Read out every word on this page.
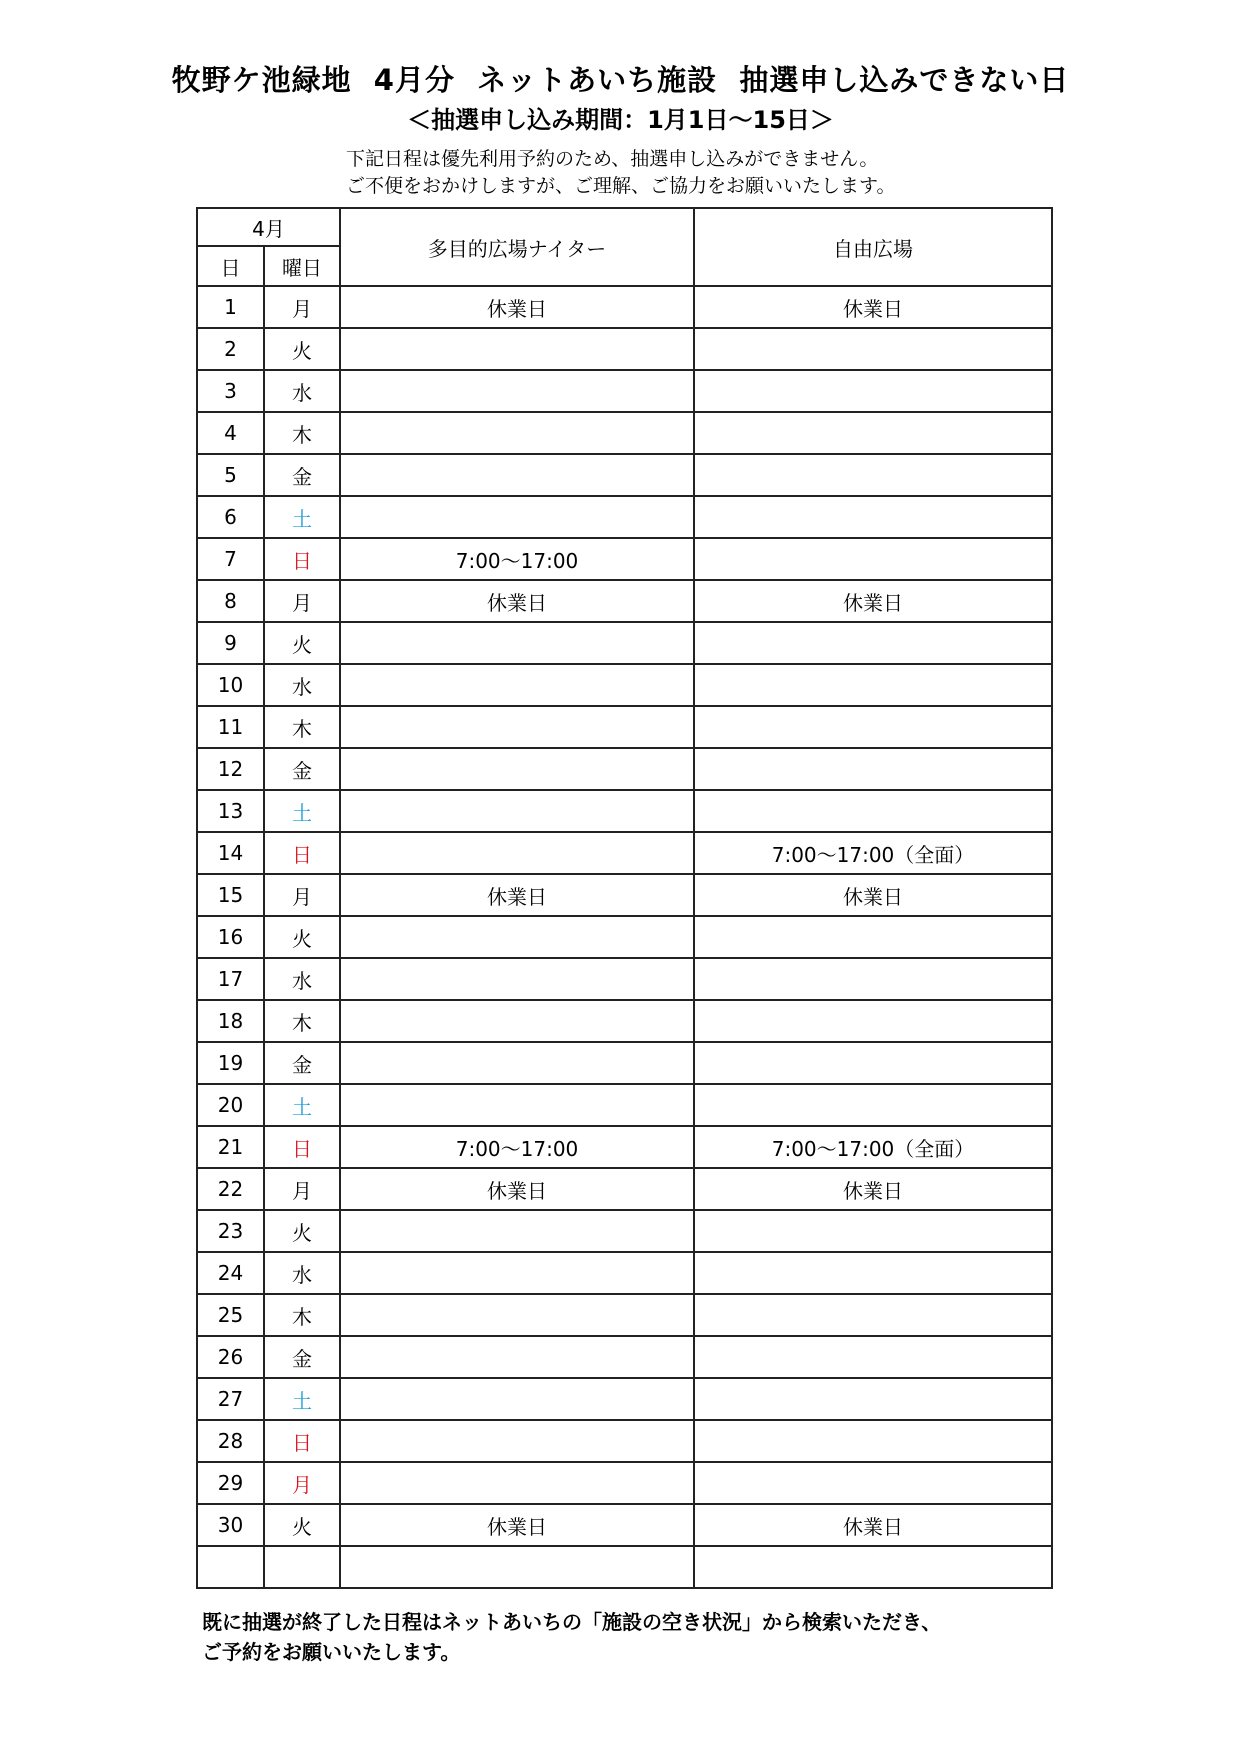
牧野ケ池緑地  4月分  ネットあいち施設  抽選申し込みできない日
＜抽選申し込み期間：1月1日～15日＞
下記日程は優先利用予約のため、抽選申し込みができません。
ご不便をおかけしますが、ご理解、ご協力をお願いいたします。
4月		多目的広場ナイター	自由広場
日	曜日		
1	月	休業日	休業日
2	火		
3	水		
4	木		
5	金		
6	土		
7	日	7:00～17:00	
8	月	休業日	休業日
9	火		
10	水		
11	木		
12	金		
13	土		
14	日		7:00～17:00（全面）
15	月	休業日	休業日
16	火		
17	水		
18	木		
19	金		
20	土		
21	日	7:00～17:00	7:00～17:00（全面）
22	月	休業日	休業日
23	火		
24	水		
25	木		
26	金		
27	土		
28	日		
29	月		
30	火	休業日	休業日

既に抽選が終了した日程はネットあいちの「施設の空き状況」から検索いただき、
ご予約をお願いいたします。
